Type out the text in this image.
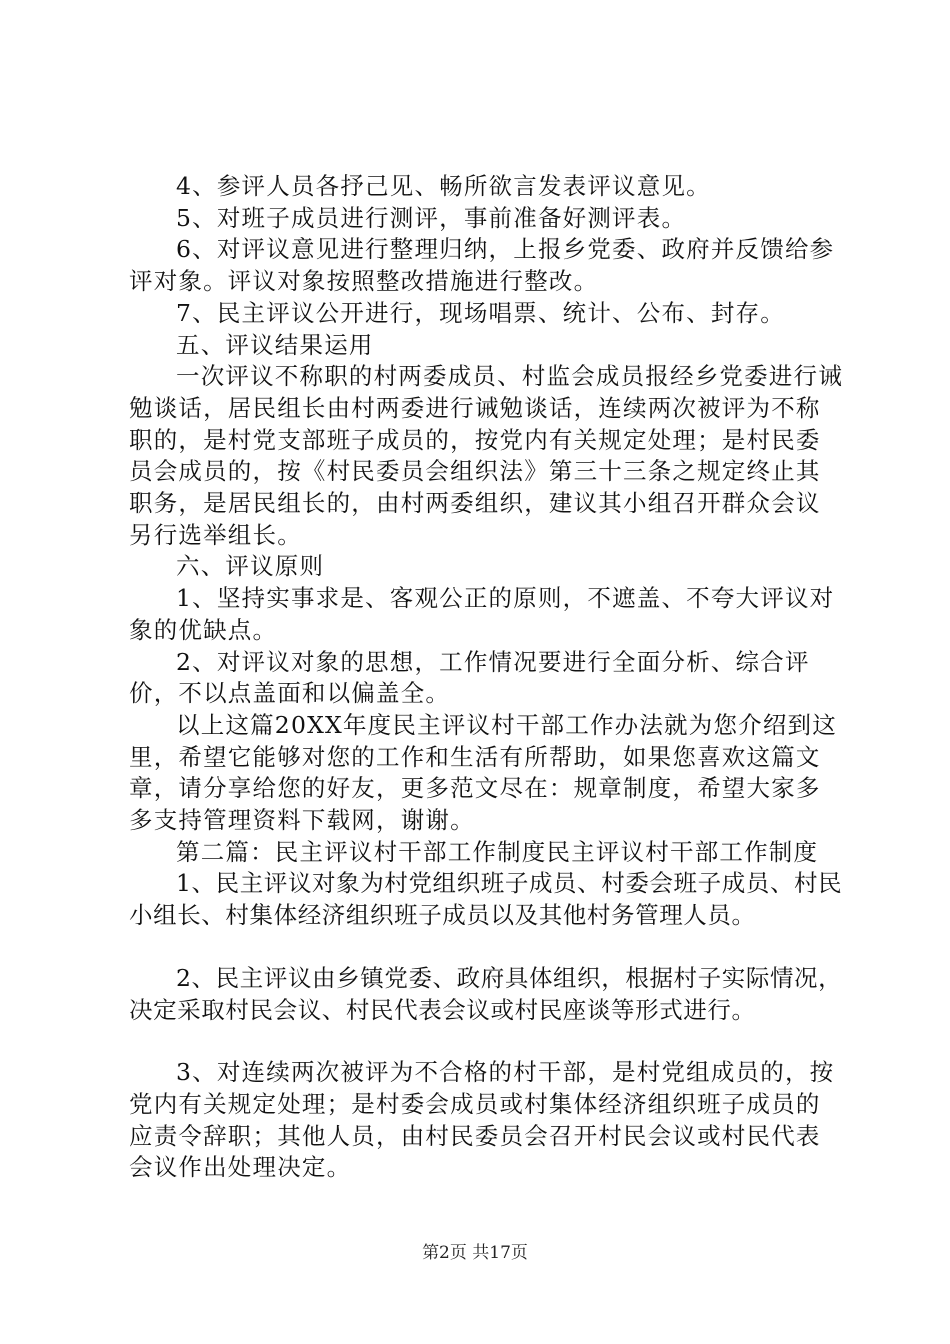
4、参评人员各抒己见、畅所欲言发表评议意见。

5、对班子成员进行测评，事前准备好测评表。

6、对评议意见进行整理归纳，上报乡党委、政府并反馈给参评对象。评议对象按照整改措施进行整改。

7、民主评议公开进行，现场唱票、统计、公布、封存。

五、评议结果运用

一次评议不称职的村两委成员、村监会成员报经乡党委进行诫勉谈话，居民组长由村两委进行诫勉谈话，连续两次被评为不称职的，是村党支部班子成员的，按党内有关规定处理；是村民委员会成员的，按《村民委员会组织法》第三十三条之规定终止其职务，是居民组长的，由村两委组织，建议其小组召开群众会议另行选举组长。

六、评议原则

1、坚持实事求是、客观公正的原则，不遮盖、不夸大评议对象的优缺点。

2、对评议对象的思想，工作情况要进行全面分析、综合评价，不以点盖面和以偏盖全。

以上这篇20XX年度民主评议村干部工作办法就为您介绍到这里，希望它能够对您的工作和生活有所帮助，如果您喜欢这篇文章，请分享给您的好友，更多范文尽在：规章制度，希望大家多多支持管理资料下载网，谢谢。

第二篇：民主评议村干部工作制度民主评议村干部工作制度

1、民主评议对象为村党组织班子成员、村委会班子成员、村民小组长、村集体经济组织班子成员以及其他村务管理人员。

2、民主评议由乡镇党委、政府具体组织，根据村子实际情况，决定采取村民会议、村民代表会议或村民座谈等形式进行。

3、对连续两次被评为不合格的村干部，是村党组成员的，按党内有关规定处理；是村委会成员或村集体经济组织班子成员的应责令辞职；其他人员，由村民委员会召开村民会议或村民代表会议作出处理决定。

第2页 共17页
